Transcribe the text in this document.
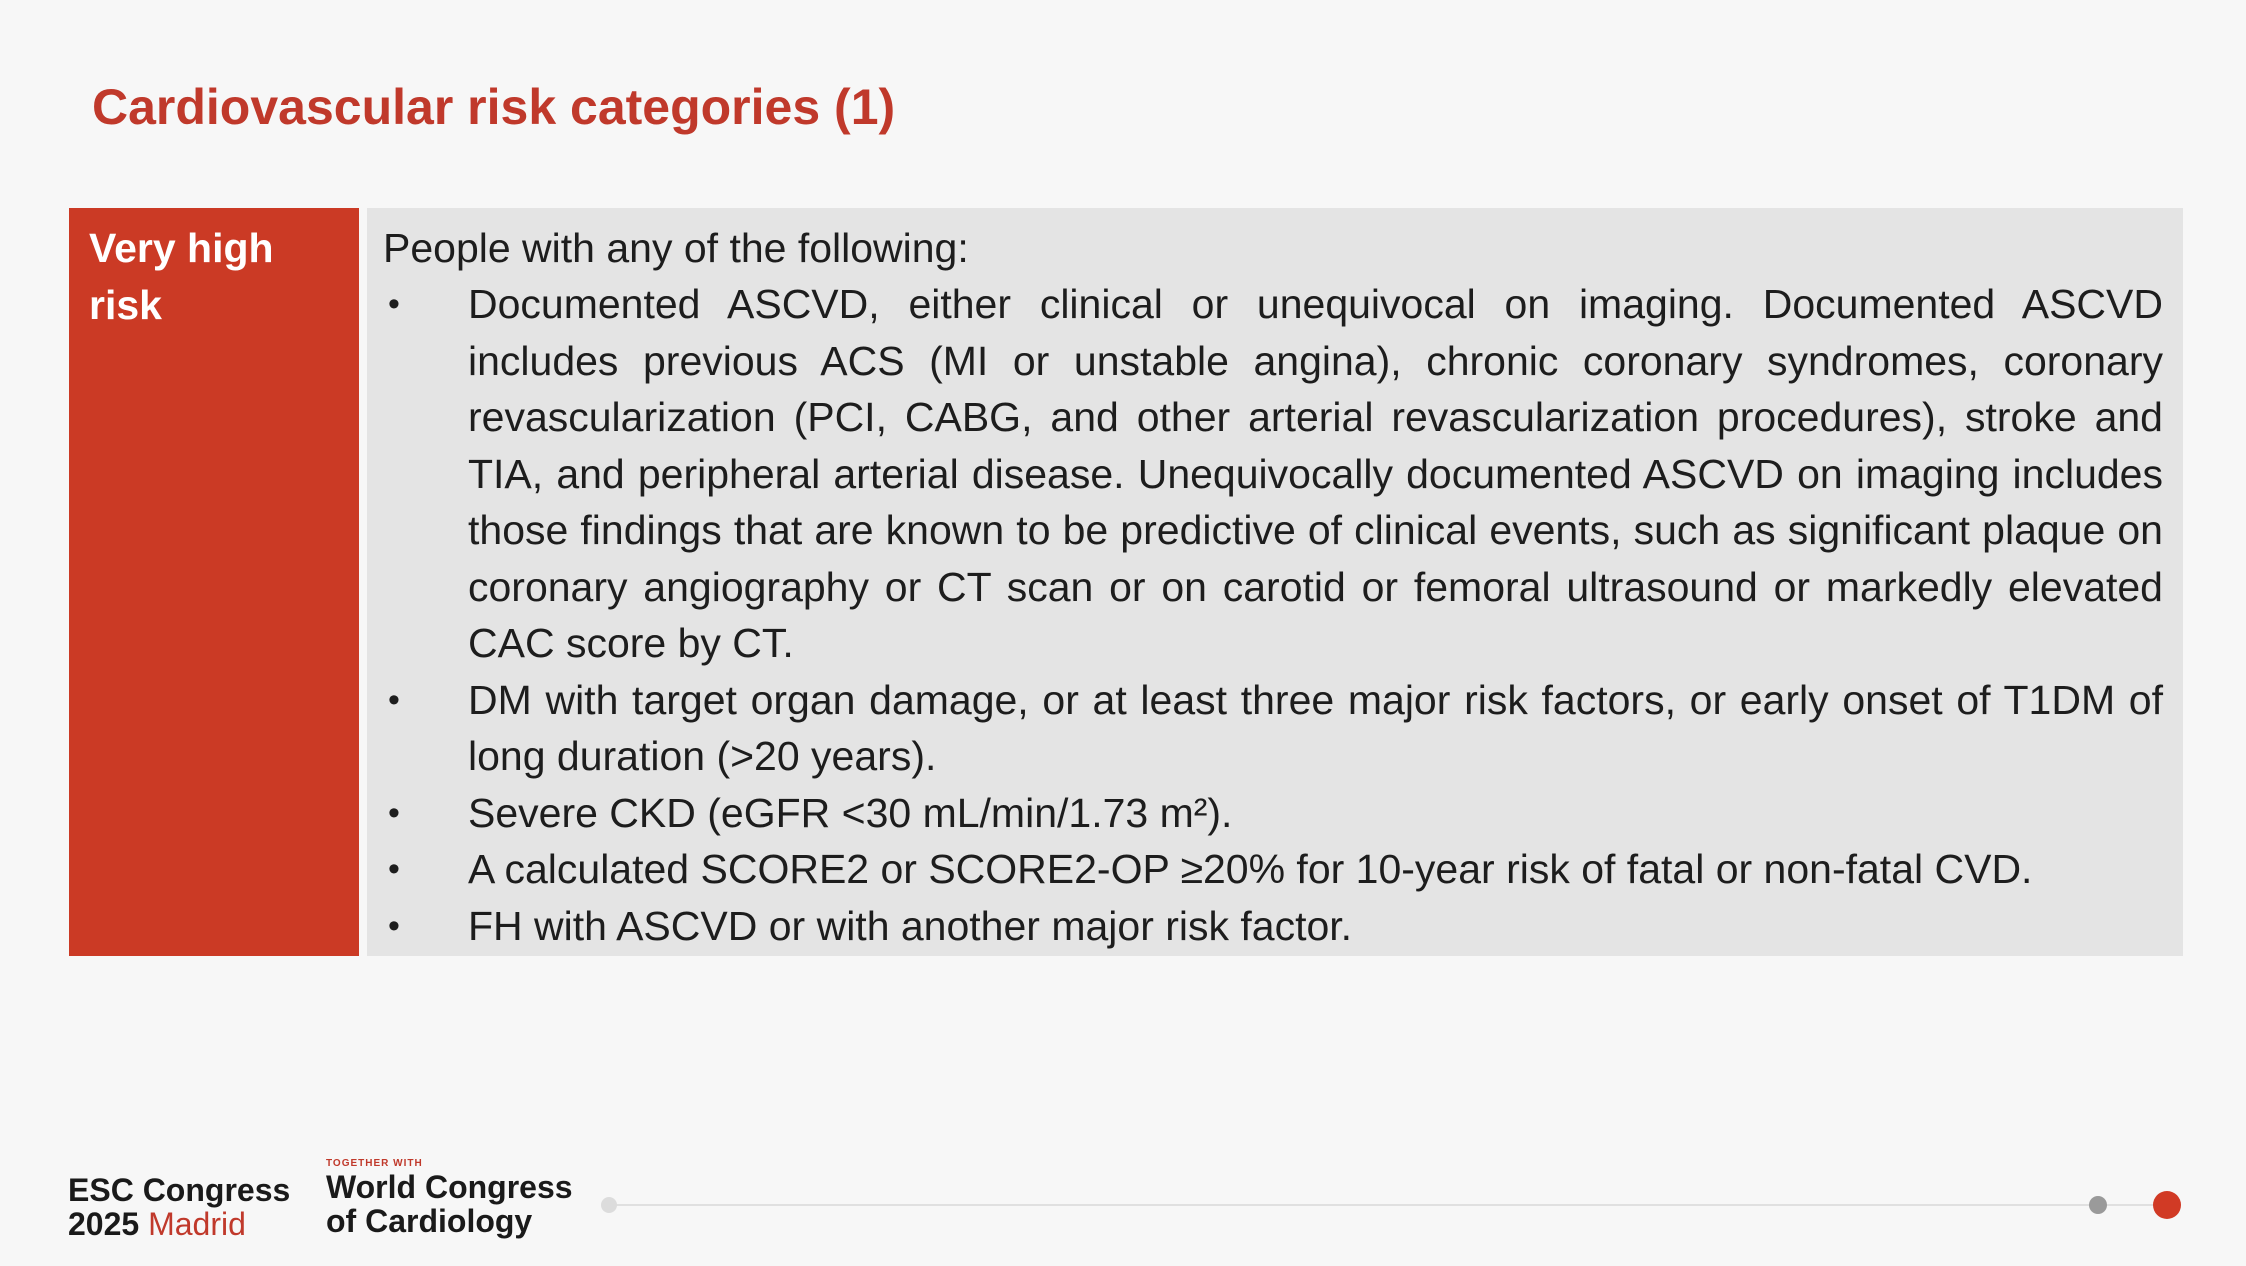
Cardiovascular risk categories (1)

Very high
risk

People with any of the following:

• Documented ASCVD, either clinical or unequivocal on imaging. Documented ASCVD includes previous ACS (MI or unstable angina), chronic coronary syndromes, coronary revascularization (PCI, CABG, and other arterial revascularization procedures), stroke and TIA, and peripheral arterial disease. Unequivocally documented ASCVD on imaging includes those findings that are known to be predictive of clinical events, such as significant plaque on coronary angiography or CT scan or on carotid or femoral ultrasound or markedly elevated CAC score by CT.
• DM with target organ damage, or at least three major risk factors, or early onset of T1DM of long duration (>20 years).
• Severe CKD (eGFR <30 mL/min/1.73 m²).
• A calculated SCORE2 or SCORE2-OP ≥20% for 10-year risk of fatal or non-fatal CVD.
• FH with ASCVD or with another major risk factor.
ESC Congress
2025 Madrid
TOGETHER WITH
World Congress
of Cardiology
